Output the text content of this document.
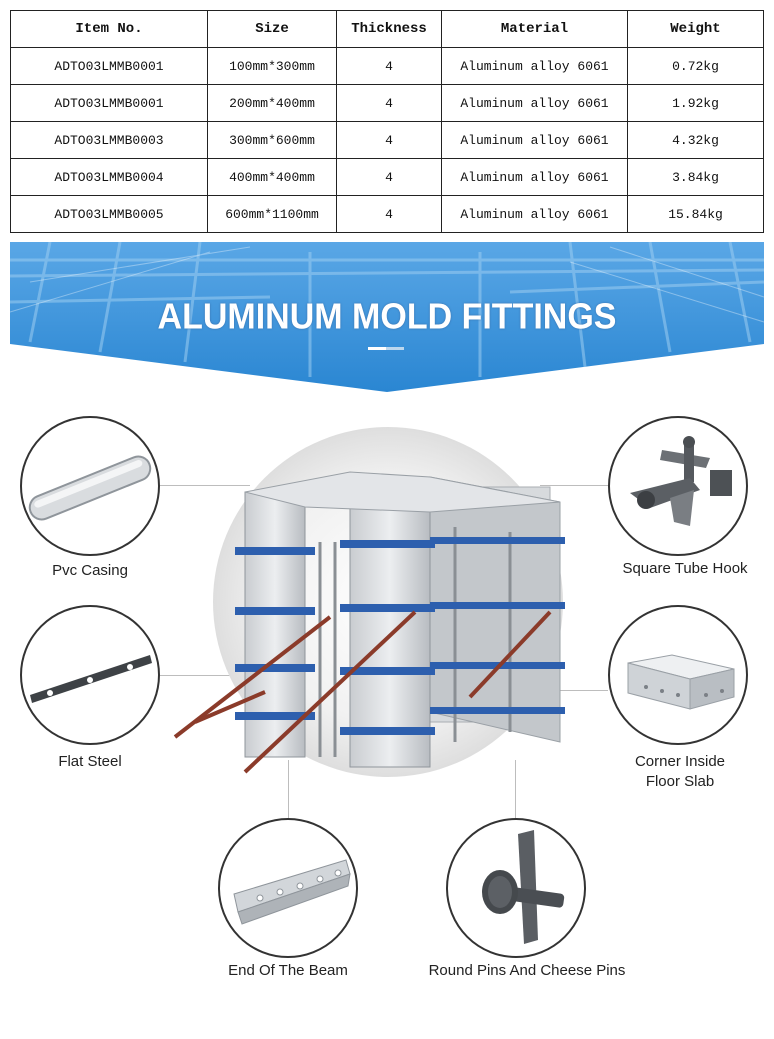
Item No.	Size	Thickness	Material	Weight
ADTO03LMMB0001	100mm*300mm	4	Aluminum alloy 6061	0.72kg
ADTO03LMMB0001	200mm*400mm	4	Aluminum alloy 6061	1.92kg
ADTO03LMMB0003	300mm*600mm	4	Aluminum alloy 6061	4.32kg
ADTO03LMMB0004	400mm*400mm	4	Aluminum alloy 6061	3.84kg
ADTO03LMMB0005	600mm*1100mm	4	Aluminum alloy 6061	15.84kg
ALUMINUM MOLD FITTINGS
Pvc Casing	Square Tube Hook
Flat Steel	Corner Inside
Floor Slab
End Of The Beam	Round Pins And Cheese Pins
